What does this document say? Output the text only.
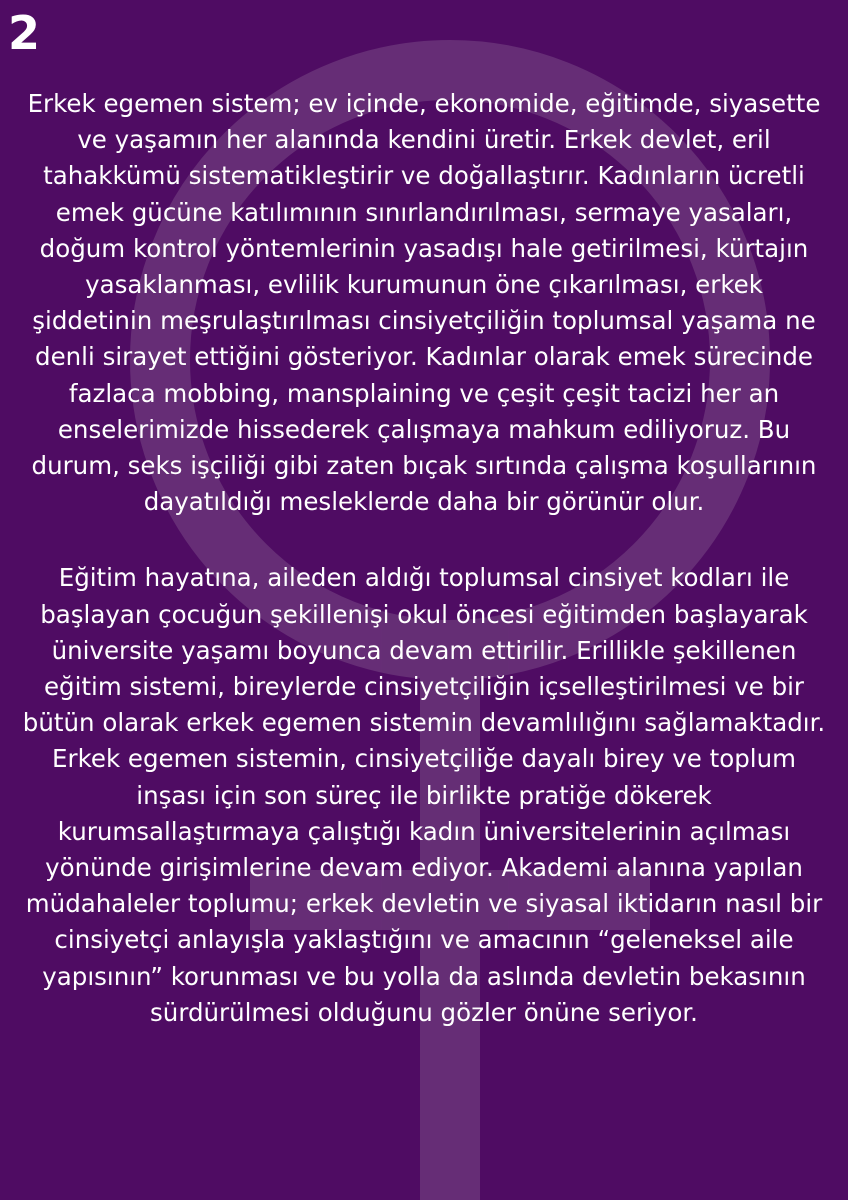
2

Erkek egemen sistem; ev içinde, ekonomide, eğitimde, siyasette ve yaşamın her alanında kendini üretir. Erkek devlet, eril tahakkümü sistematikleştirir ve doğallaştırır. Kadınların ücretli emek gücüne katılımının sınırlandırılması, sermaye yasaları, doğum kontrol yöntemlerinin yasadışı hale getirilmesi, kürtajın yasaklanması, evlilik kurumunun öne çıkarılması, erkek şiddetinin meşrulaştırılması cinsiyetçiliğin toplumsal yaşama ne denli sirayet ettiğini gösteriyor. Kadınlar olarak emek sürecinde fazlaca mobbing, mansplaining ve çeşit çeşit tacizi her an enselerimizde hissederek çalışmaya mahkum ediliyoruz. Bu durum, seks işçiliği gibi zaten bıçak sırtında çalışma koşullarının dayatıldığı mesleklerde daha bir görünür olur.

Eğitim hayatına, aileden aldığı toplumsal cinsiyet kodları ile başlayan çocuğun şekillenişi okul öncesi eğitimden başlayarak üniversite yaşamı boyunca devam ettirilir. Erillikle şekillenen eğitim sistemi, bireylerde cinsiyetçiliğin içselleştirilmesi ve bir bütün olarak erkek egemen sistemin devamlılığını sağlamaktadır. Erkek egemen sistemin, cinsiyetçiliğe dayalı birey ve toplum inşası için son süreç ile birlikte pratiğe dökerek kurumsallaştırmaya çalıştığı kadın üniversitelerinin açılması yönünde girişimlerine devam ediyor. Akademi alanına yapılan müdahaleler toplumu; erkek devletin ve siyasal iktidarın nasıl bir cinsiyetçi anlayışla yaklaştığını ve amacının “geleneksel aile yapısının” korunması ve bu yolla da aslında devletin bekasının sürdürülmesi olduğunu gözler önüne seriyor.
